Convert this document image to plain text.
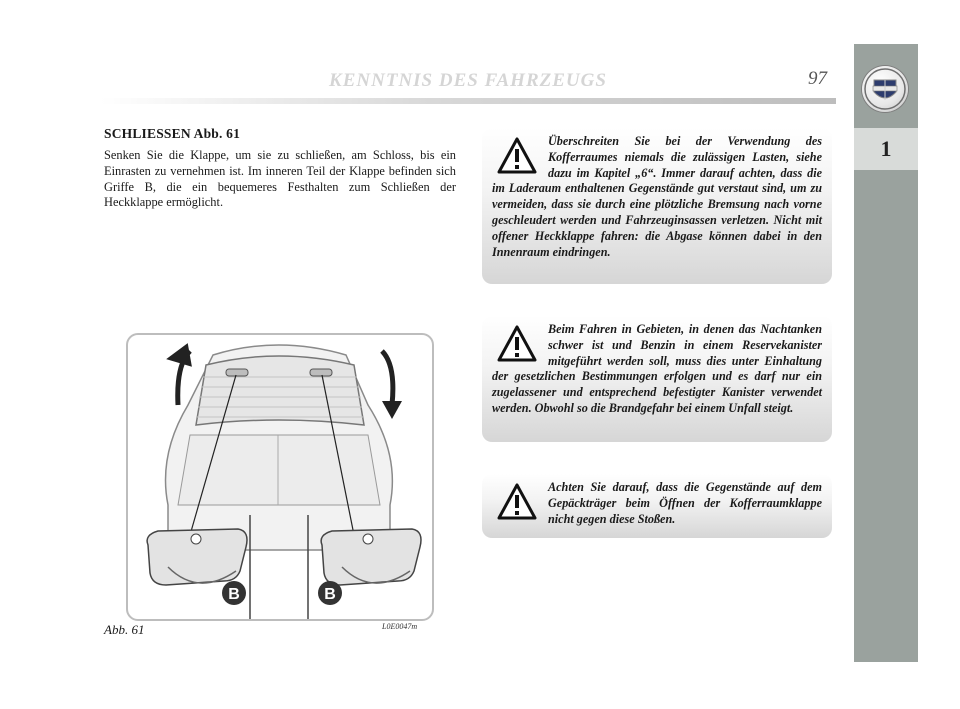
KENNTNIS DES FAHRZEUGS	97
1
SCHLIESSEN Abb. 61
Senken Sie die Klappe, um sie zu schließen, am Schloss, bis ein Einrasten zu vernehmen ist. Im inneren Teil der Klappe befinden sich Griffe B, die ein bequemeres Festhalten zum Schließen der Heckklappe ermöglicht.
Überschreiten Sie bei der Verwendung des Kofferraumes niemals die zulässigen Lasten, siehe dazu im Kapitel „6“. Immer darauf achten, dass die im Laderaum enthaltenen Gegenstände gut verstaut sind, um zu vermeiden, dass sie durch eine plötzliche Bremsung nach vorne geschleudert werden und Fahrzeuginsassen verletzen. Nicht mit offener Heckklappe fahren: die Abgase können dabei in den Innenraum eindringen.
Beim Fahren in Gebieten, in denen das Nachtanken schwer ist und Benzin in einem Reservekanister mitgeführt werden soll, muss dies unter Einhaltung der gesetzlichen Bestimmungen erfolgen und es darf nur ein zugelassener und entsprechend befestigter Kanister verwendet werden. Obwohl so die Brandgefahr bei einem Unfall steigt.
Achten Sie darauf, dass die Gegenstände auf dem Gepäckträger beim Öffnen der Kofferraumklappe nicht gegen diese Stoßen.
B	B
Abb. 61	L0E0047m
